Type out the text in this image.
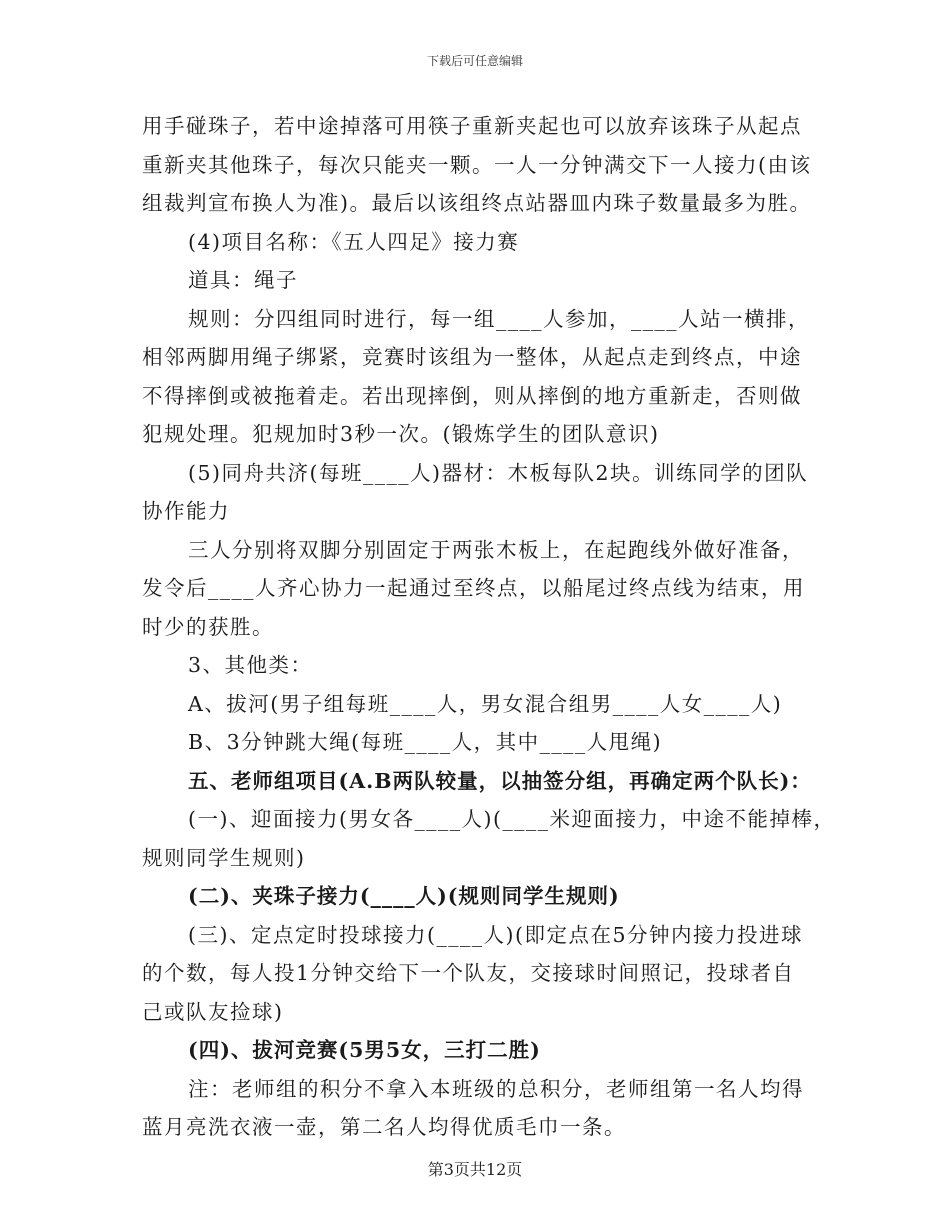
下载后可任意编辑
用手碰珠子，若中途掉落可用筷子重新夹起也可以放弃该珠子从起点
重新夹其他珠子，每次只能夹一颗。一人一分钟满交下一人接力(由该
组裁判宣布换人为准)。最后以该组终点站器皿内珠子数量最多为胜。
(4)项目名称：《五人四足》接力赛
道具：绳子
规则：分四组同时进行，每一组____人参加，____人站一横排，
相邻两脚用绳子绑紧，竞赛时该组为一整体，从起点走到终点，中途
不得摔倒或被拖着走。若出现摔倒，则从摔倒的地方重新走，否则做
犯规处理。犯规加时3秒一次。(锻炼学生的团队意识)
(5)同舟共济(每班____人)器材：木板每队2块。训练同学的团队
协作能力
三人分别将双脚分别固定于两张木板上，在起跑线外做好准备，
发令后____人齐心协力一起通过至终点，以船尾过终点线为结束，用
时少的获胜。
3、其他类：
A、拔河(男子组每班____人，男女混合组男____人女____人)
B、3分钟跳大绳(每班____人，其中____人甩绳)
五、老师组项目(A.B两队较量，以抽签分组，再确定两个队长)：
(一)、迎面接力(男女各____人)(____米迎面接力，中途不能掉棒，
规则同学生规则)
(二)、夹珠子接力(____人)(规则同学生规则)
(三)、定点定时投球接力(____人)(即定点在5分钟内接力投进球
的个数，每人投1分钟交给下一个队友，交接球时间照记，投球者自
己或队友捡球)
(四)、拔河竞赛(5男5女，三打二胜)
注：老师组的积分不拿入本班级的总积分，老师组第一名人均得
蓝月亮洗衣液一壶，第二名人均得优质毛巾一条。
第3页共12页
